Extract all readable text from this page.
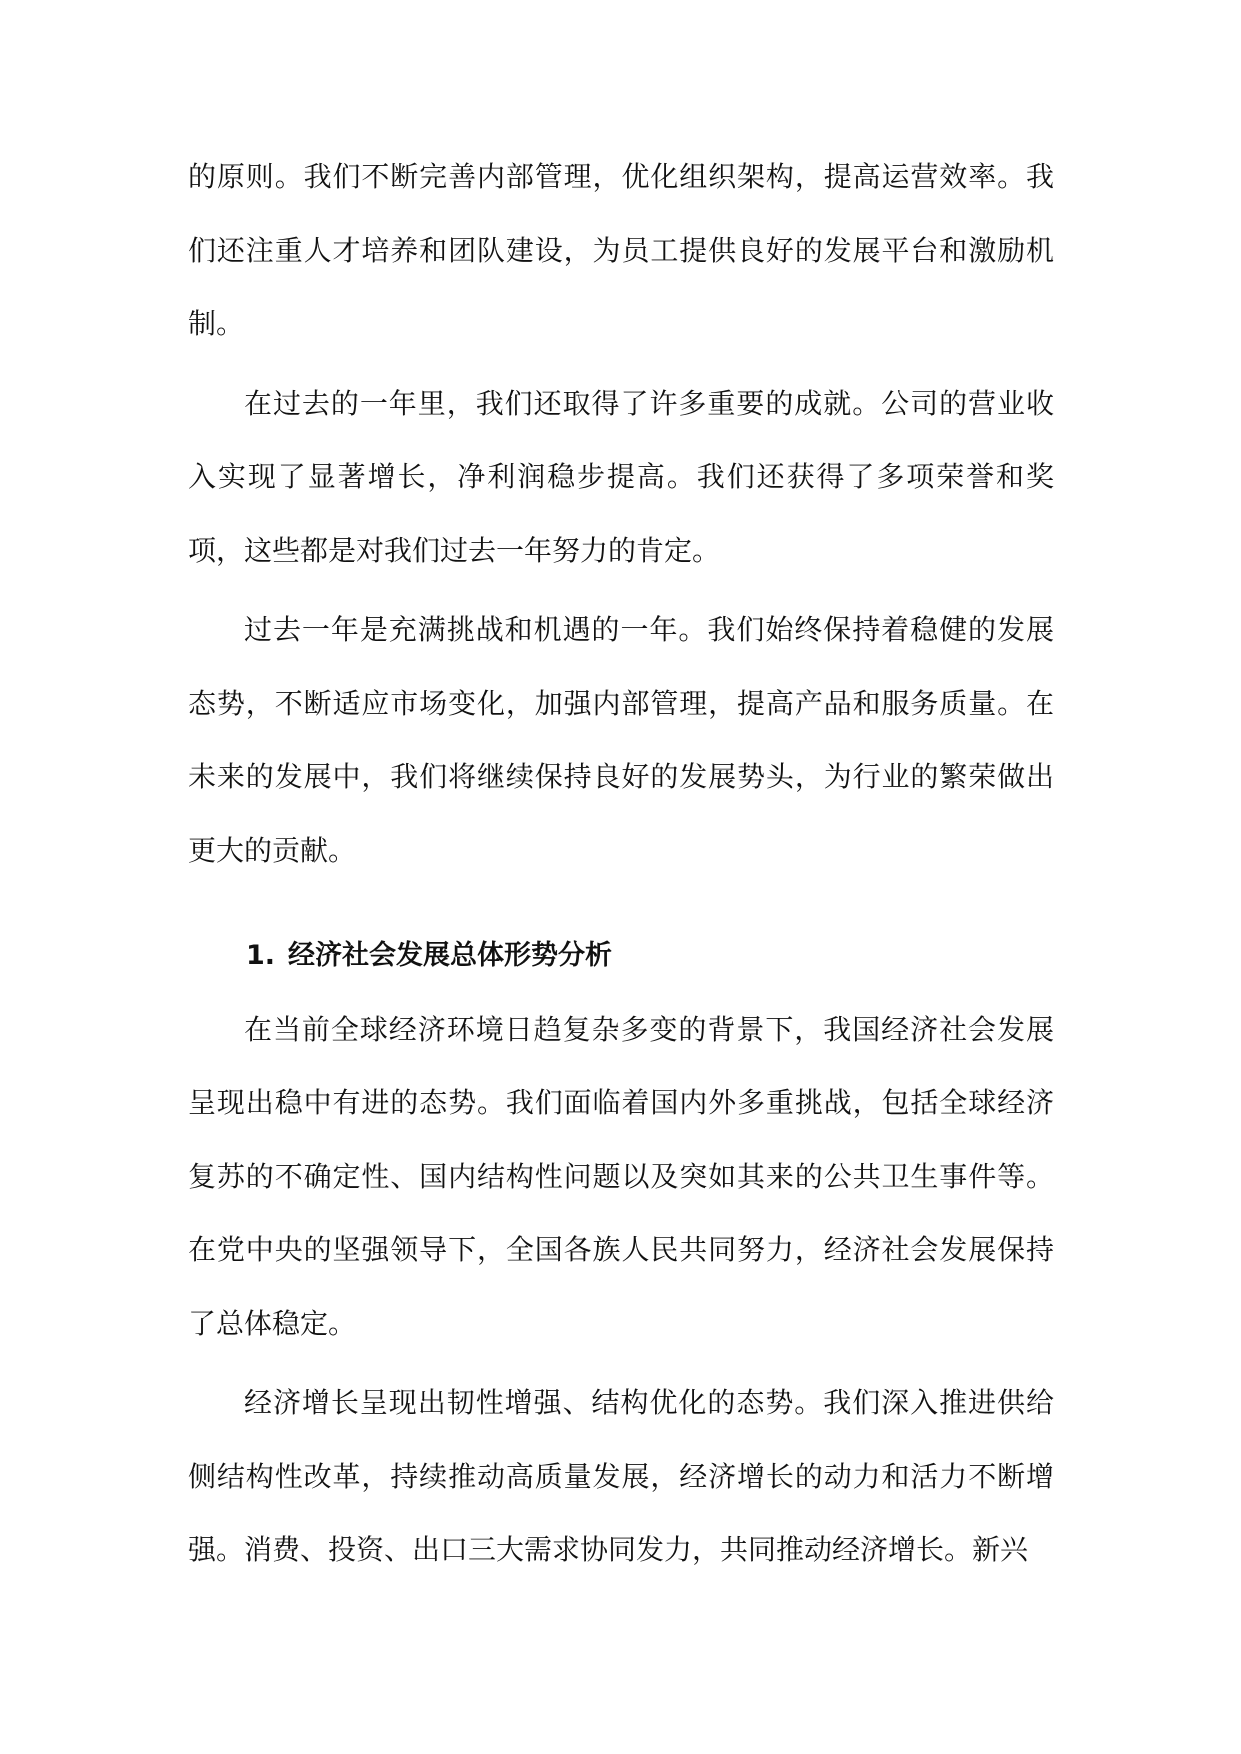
的原则。我们不断完善内部管理，优化组织架构，提高运营效率。我们还注重人才培养和团队建设，为员工提供良好的发展平台和激励机制。

在过去的一年里，我们还取得了许多重要的成就。公司的营业收入实现了显著增长，净利润稳步提高。我们还获得了多项荣誉和奖项，这些都是对我们过去一年努力的肯定。

过去一年是充满挑战和机遇的一年。我们始终保持着稳健的发展态势，不断适应市场变化，加强内部管理，提高产品和服务质量。在未来的发展中，我们将继续保持良好的发展势头，为行业的繁荣做出更大的贡献。

1. 经济社会发展总体形势分析

在当前全球经济环境日趋复杂多变的背景下，我国经济社会发展呈现出稳中有进的态势。我们面临着国内外多重挑战，包括全球经济复苏的不确定性、国内结构性问题以及突如其来的公共卫生事件等。在党中央的坚强领导下，全国各族人民共同努力，经济社会发展保持了总体稳定。

经济增长呈现出韧性增强、结构优化的态势。我们深入推进供给侧结构性改革，持续推动高质量发展，经济增长的动力和活力不断增强。消费、投资、出口三大需求协同发力，共同推动经济增长。新兴
